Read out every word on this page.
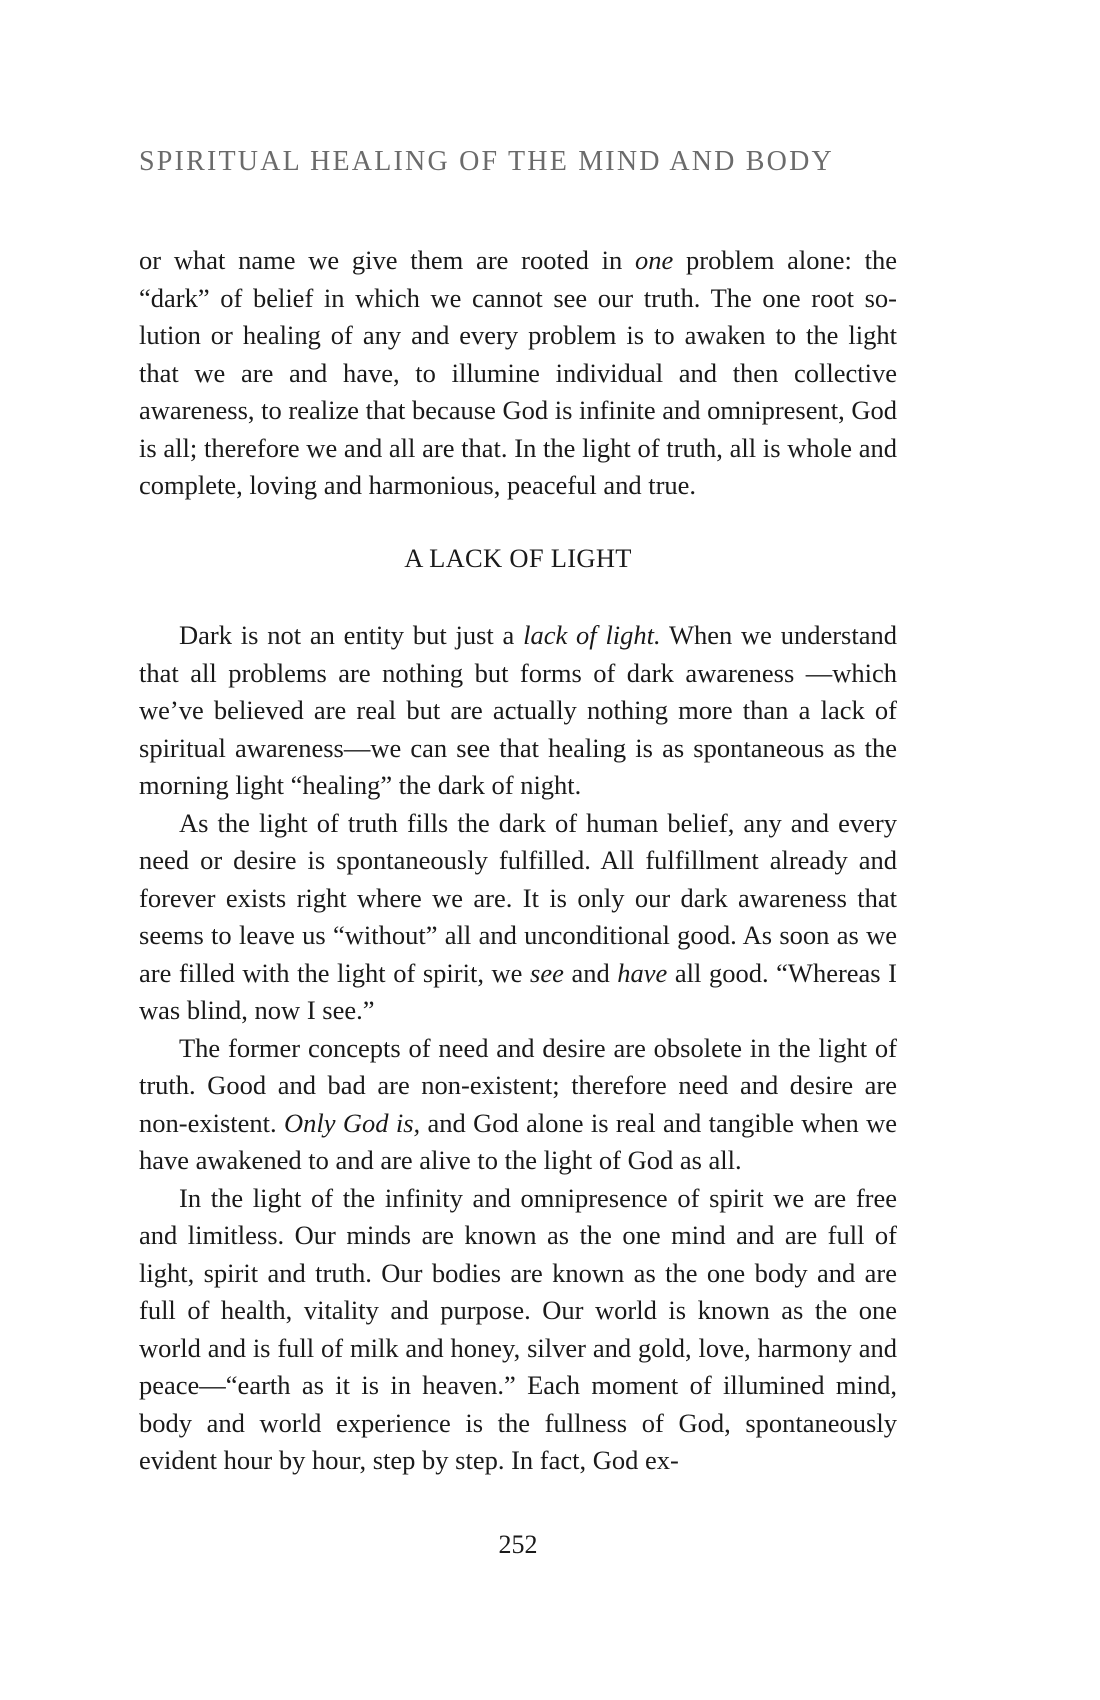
SPIRITUAL HEALING OF THE MIND AND BODY

or what name we give them are rooted in one problem alone: the “dark” of belief in which we cannot see our truth. The one root solution or healing of any and every problem is to awaken to the light that we are and have, to illumine individual and then collective awareness, to realize that because God is infinite and omnipresent, God is all; therefore we and all are that. In the light of truth, all is whole and complete, loving and harmonious, peaceful and true.

A LACK OF LIGHT

Dark is not an entity but just a lack of light. When we understand that all problems are nothing but forms of dark awareness —which we’ve believed are real but are actually nothing more than a lack of spiritual awareness—we can see that healing is as spontaneous as the morning light “healing” the dark of night.

As the light of truth fills the dark of human belief, any and every need or desire is spontaneously fulfilled. All fulfillment already and forever exists right where we are. It is only our dark awareness that seems to leave us “without” all and unconditional good. As soon as we are filled with the light of spirit, we see and have all good. “Whereas I was blind, now I see.”

The former concepts of need and desire are obsolete in the light of truth. Good and bad are non-existent; therefore need and desire are non-existent. Only God is, and God alone is real and tangible when we have awakened to and are alive to the light of God as all.

In the light of the infinity and omnipresence of spirit we are free and limitless. Our minds are known as the one mind and are full of light, spirit and truth. Our bodies are known as the one body and are full of health, vitality and purpose. Our world is known as the one world and is full of milk and honey, silver and gold, love, harmony and peace—“earth as it is in heaven.” Each moment of illumined mind, body and world experience is the fullness of God, spontaneously evident hour by hour, step by step. In fact, God ex-

252
